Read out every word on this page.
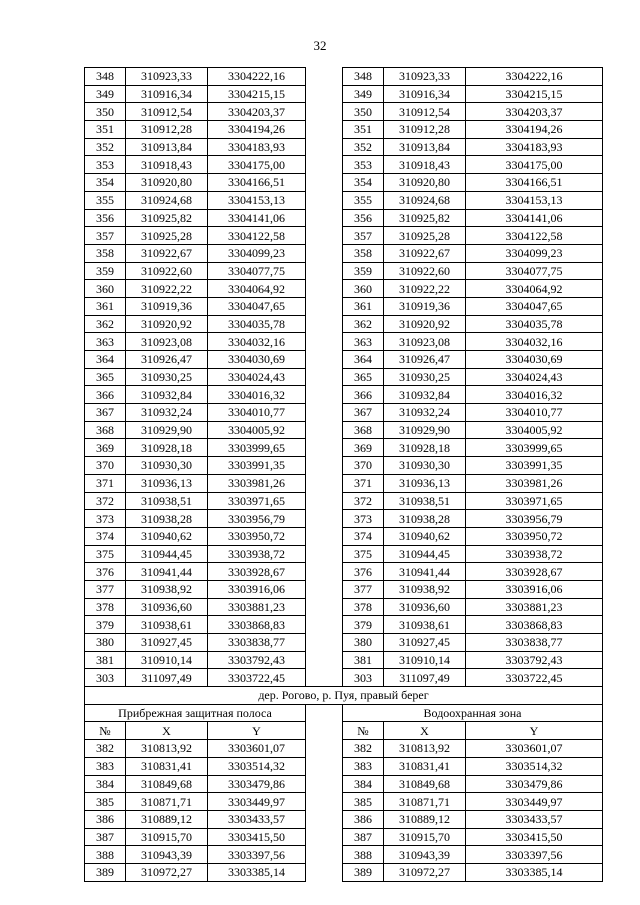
32
348	310923,33	3304222,16		348	310923,33	3304222,16
349	310916,34	3304215,15		349	310916,34	3304215,15
350	310912,54	3304203,37		350	310912,54	3304203,37
351	310912,28	3304194,26		351	310912,28	3304194,26
352	310913,84	3304183,93		352	310913,84	3304183,93
353	310918,43	3304175,00		353	310918,43	3304175,00
354	310920,80	3304166,51		354	310920,80	3304166,51
355	310924,68	3304153,13		355	310924,68	3304153,13
356	310925,82	3304141,06		356	310925,82	3304141,06
357	310925,28	3304122,58		357	310925,28	3304122,58
358	310922,67	3304099,23		358	310922,67	3304099,23
359	310922,60	3304077,75		359	310922,60	3304077,75
360	310922,22	3304064,92		360	310922,22	3304064,92
361	310919,36	3304047,65		361	310919,36	3304047,65
362	310920,92	3304035,78		362	310920,92	3304035,78
363	310923,08	3304032,16		363	310923,08	3304032,16
364	310926,47	3304030,69		364	310926,47	3304030,69
365	310930,25	3304024,43		365	310930,25	3304024,43
366	310932,84	3304016,32		366	310932,84	3304016,32
367	310932,24	3304010,77		367	310932,24	3304010,77
368	310929,90	3304005,92		368	310929,90	3304005,92
369	310928,18	3303999,65		369	310928,18	3303999,65
370	310930,30	3303991,35		370	310930,30	3303991,35
371	310936,13	3303981,26		371	310936,13	3303981,26
372	310938,51	3303971,65		372	310938,51	3303971,65
373	310938,28	3303956,79		373	310938,28	3303956,79
374	310940,62	3303950,72		374	310940,62	3303950,72
375	310944,45	3303938,72		375	310944,45	3303938,72
376	310941,44	3303928,67		376	310941,44	3303928,67
377	310938,92	3303916,06		377	310938,92	3303916,06
378	310936,60	3303881,23		378	310936,60	3303881,23
379	310938,61	3303868,83		379	310938,61	3303868,83
380	310927,45	3303838,77		380	310927,45	3303838,77
381	310910,14	3303792,43		381	310910,14	3303792,43
303	311097,49	3303722,45		303	311097,49	3303722,45
дер. Рогово, р. Пуя, правый берег						
Прибрежная защитная полоса				Водоохранная зона		
№	X	Y		№	X	Y
382	310813,92	3303601,07		382	310813,92	3303601,07
383	310831,41	3303514,32		383	310831,41	3303514,32
384	310849,68	3303479,86		384	310849,68	3303479,86
385	310871,71	3303449,97		385	310871,71	3303449,97
386	310889,12	3303433,57		386	310889,12	3303433,57
387	310915,70	3303415,50		387	310915,70	3303415,50
388	310943,39	3303397,56		388	310943,39	3303397,56
389	310972,27	3303385,14		389	310972,27	3303385,14
